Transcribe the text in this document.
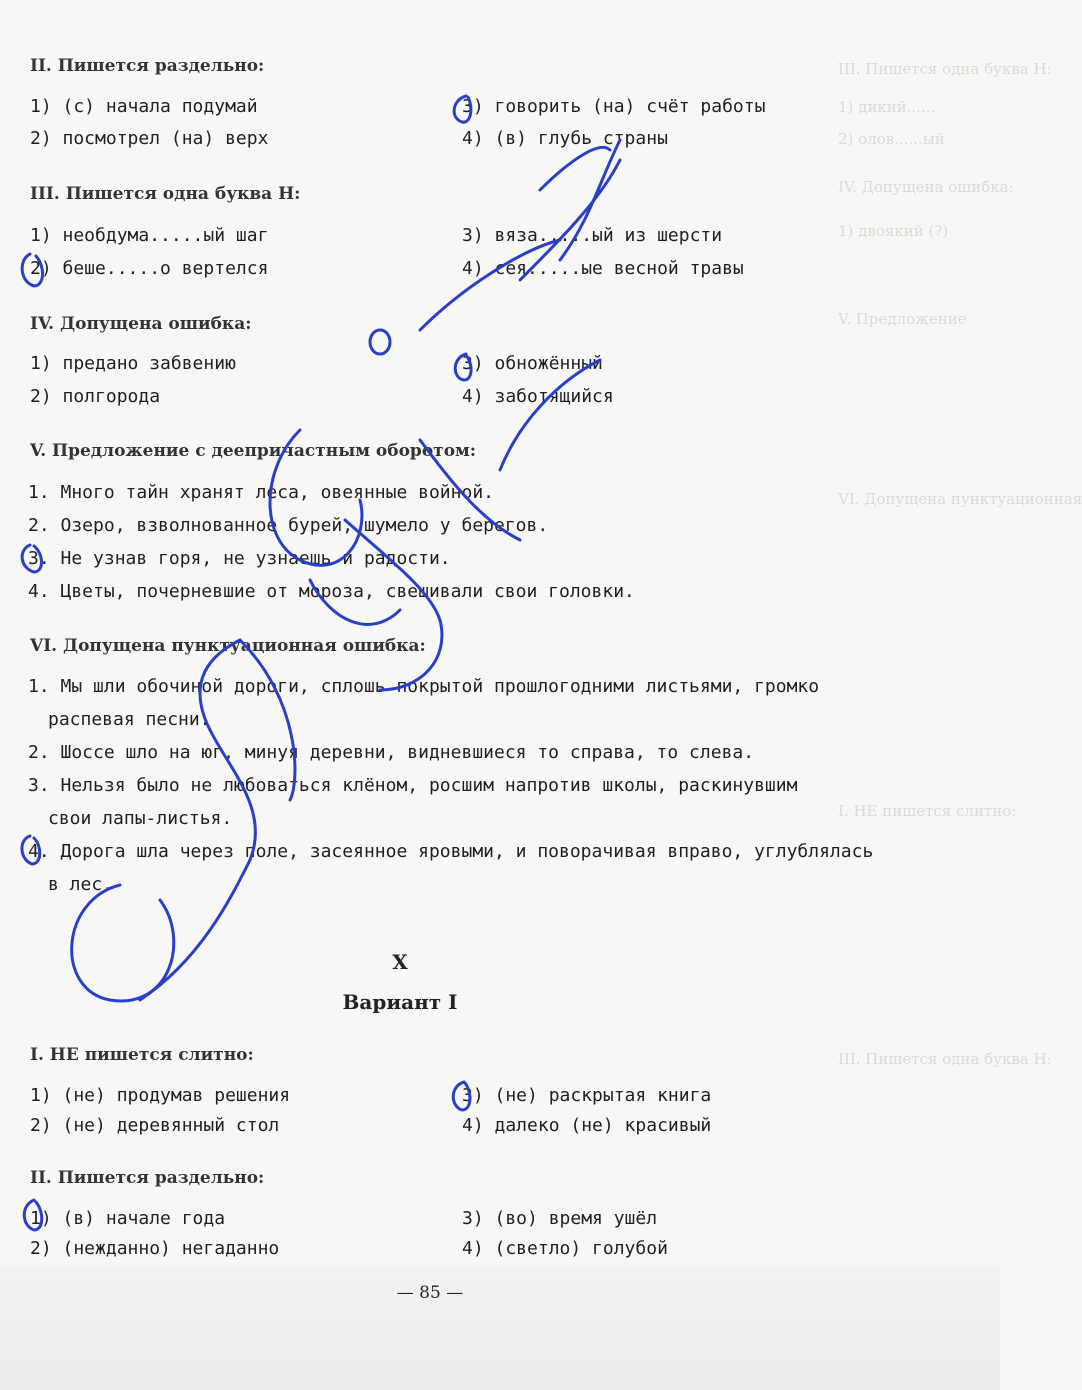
III. Пишется одна буква Н:
1) дикий......
2) олов......ый
IV. Допущена ошибка:
1) двоякий (?)
V. Предложение
VI. Допущена пунктуационная
I. НЕ пишется слитно:
III. Пишется одна буква Н:
II. Пишется раздельно:
1) (с) начала подумай
2) посмотрел (на) верх
3) говорить (на) счёт работы
4) (в) глубь страны
III. Пишется одна буква Н:
1) необдума.....ый шаг
2) беше.....о вертелся
3) вяза.....ый из шерсти
4) сея.....ые весной травы
IV. Допущена ошибка:
1) предано забвению
2) полгорода
3) обножённый
4) заботящийся
V. Предложение с деепричастным оборотом:
1. Много тайн хранят леса, овеянные войной.
2. Озеро, взволнованное бурей, шумело у берегов.
3. Не узнав горя, не узнаешь и радости.
4. Цветы, почерневшие от мороза, свешивали свои головки.
VI. Допущена пунктуационная ошибка:
1. Мы шли обочиной дороги, сплошь покрытой прошлогодними листьями, громко
распевая песни.
2. Шоссе шло на юг, минуя деревни, видневшиеся то справа, то слева.
3. Нельзя было не любоваться клёном, росшим напротив школы, раскинувшим
свои лапы-листья.
4. Дорога шла через поле, засеянное яровыми, и поворачивая вправо, углублялась
в лес.
X
Вариант I
I. НЕ пишется слитно:
1) (не) продумав решения
2) (не) деревянный стол
3) (не) раскрытая книга
4) далеко (не) красивый
II. Пишется раздельно:
1) (в) начале года
2) (нежданно) негаданно
3) (во) время ушёл
4) (светло) голубой
— 85 —
